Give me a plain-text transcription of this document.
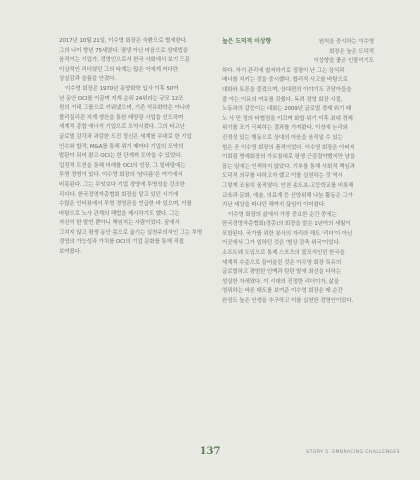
2017년 10월 21일, 이수영 회장은 숙환으로 별세한다.

그의 나이 향년 75세였다. 평생 아닌 마음으로 삼대법을

움직이는 기업가, 경영인으로서 한국 사회에서 보기 드문

이상적인 리더였던 그의 타계는 많은 이에게 커다란

상실감과 슬픔을 안겼다.

이수영 회장은 1970년 동양화학 입사 이후 50여

년 동안 OCI를 이끌며 지게 순위 24위라는 규모 12조

원의 거대 그룹으로 키워냈으며, 기존 석유화학은 아니라

폴리실리콘 지게 생산을 통한 태양광 사업을 선도하며

세계적 종합 에너지 기업으로 도약시켰다. 그의 타고난

글로벌 감각과 과감한 도전 정신은 세계를 무대로 한 기업

인수와 합작, M&A를 통해 위기 때마다 기업의 도약의

발판이 되어 왔고 OCI는 한 단계씩 도약을 수 있었다.

업정적 도전을 통해 미래를 OCI의 성장, 그 밑바탕에는

투명 경영이 있다. 이수영 회장의 '남다름'은 여기에서

비롯된다. 그는 무엇보다 기업 경영에 투명성을 강조한

리더다. 한국경영자총협회 회장을 맡고 있던 시기에

수많은 인터뷰에서 투명 경영론을 언급한 바 있으며, 이를

바탕으로 노사 관계의 해법을 제시하기도 했다. 그는

자신이 한 발언 뿐아니 책임지는 사람이었다. 꿈에서

그치지 않고 평생 동안 몸으로 옮기는 실천주의자인 그는 투명

경영의 가능성과 가치를 OCI의 기업 문화를 통해 직접

보여줬다.

높은 도덕적 이상향	원칙을 중시하는 이수영

회장은 높은 도덕적

이상향을 좇은 인물이기도

하다. 자기 관리에 철저하기로 정평이 난 그는 상식과

매너를 지키는 것을 중시했다. 합리적 사고를 바탕으로

대화와 토론을 즐겼으며, 상대편의 이야기도 귀담아들을

줄 아는 이유의 여유를 갖췄다. 독려 경영 회장 시절,

노동과의 갈등이는 대화는 2009년 글로벌 경제 위기 때

노 사 민 정의 타협점을 이끄며 화합 위기 이후 최대 경제

위기를 조기 극복하는 결과를 가져왔다. 이성에 논리와

진정성 있는 행동으로 상대의 마음을 움직일 수 있는

힘은 곧 이수영 회장의 품격이었다. 이수영 회장은 아버지

이회림 명예회장의 가르침대로 평생 근검절약했지만 남을

돕는 일에는 인색하지 않았다. 기부를 통해 사회적 책임과

도덕적 의무를 다하고자 했고 이를 실천하는 것 역시

그렇게 조용히 움직였다. 인천 송도초-고등학교를 비롯해

교육과 문화, 예술, 의료계 등 선양위해 나눔 활동은 그가

지난 세상을 떠나던 해까지 끊임이 이어졌다.

이수영 회장의 삶에서 가장 중요한 순간 중에는

한국경영자총협회(경총)의 회장을 맡은 1년여의 세월이

포함된다. 국가를 위한 봉사의 자리라 해도 '리더'이 아닌

이곳에서 그가 일하던 것은 '범상 감축 위국'이었다.

소프트웨 도입으로 통제 스포츠의 불모지인던 한국을

세계적 수준으로 끌어올린 것은 이수영 회장 특유의

글로벌하고 광범한 인맥과 탄탄 발에 최선을 다하는

성실한 자세였다. 이 시대의 진정한 리더이자, 삶을

영위하는 바른 태도를 보여준 이수영 회장은 매 순간

완성도 높은 인생을 추구하고 이를 실천한 경영인이었다.

137	STORY 5. EMBRACING CHALLENGES
